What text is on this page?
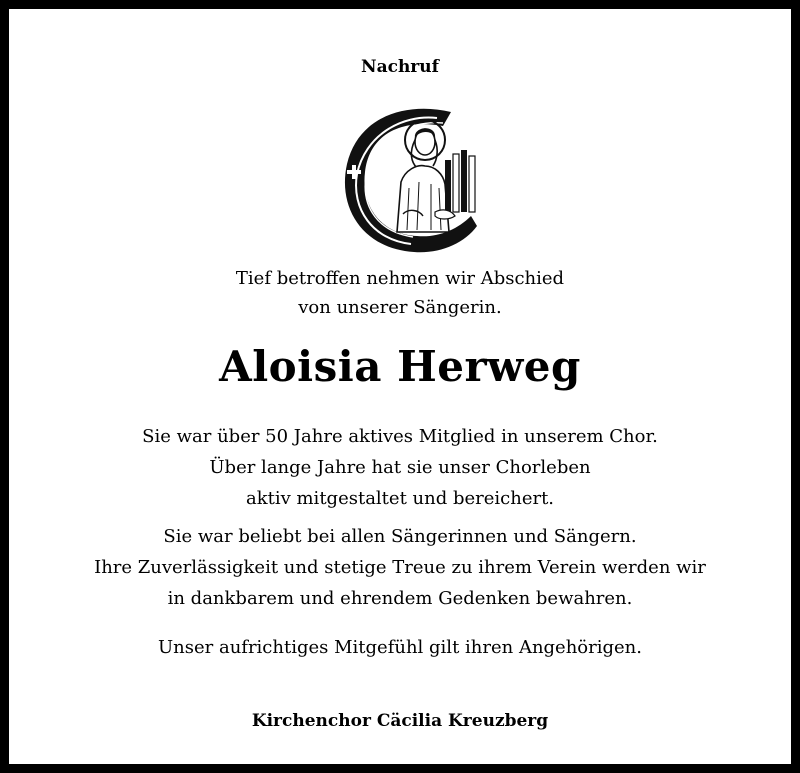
Nachruf
Tief betroffen nehmen wir Abschied
von unserer Sängerin.
Aloisia Herweg
Sie war über 50 Jahre aktives Mitglied in unserem Chor.
Über lange Jahre hat sie unser Chorleben
aktiv mitgestaltet und bereichert.
Sie war beliebt bei allen Sängerinnen und Sängern.
Ihre Zuverlässigkeit und stetige Treue zu ihrem Verein werden wir
in dankbarem und ehrendem Gedenken bewahren.
Unser aufrichtiges Mitgefühl gilt ihren Angehörigen.
Kirchenchor Cäcilia Kreuzberg
